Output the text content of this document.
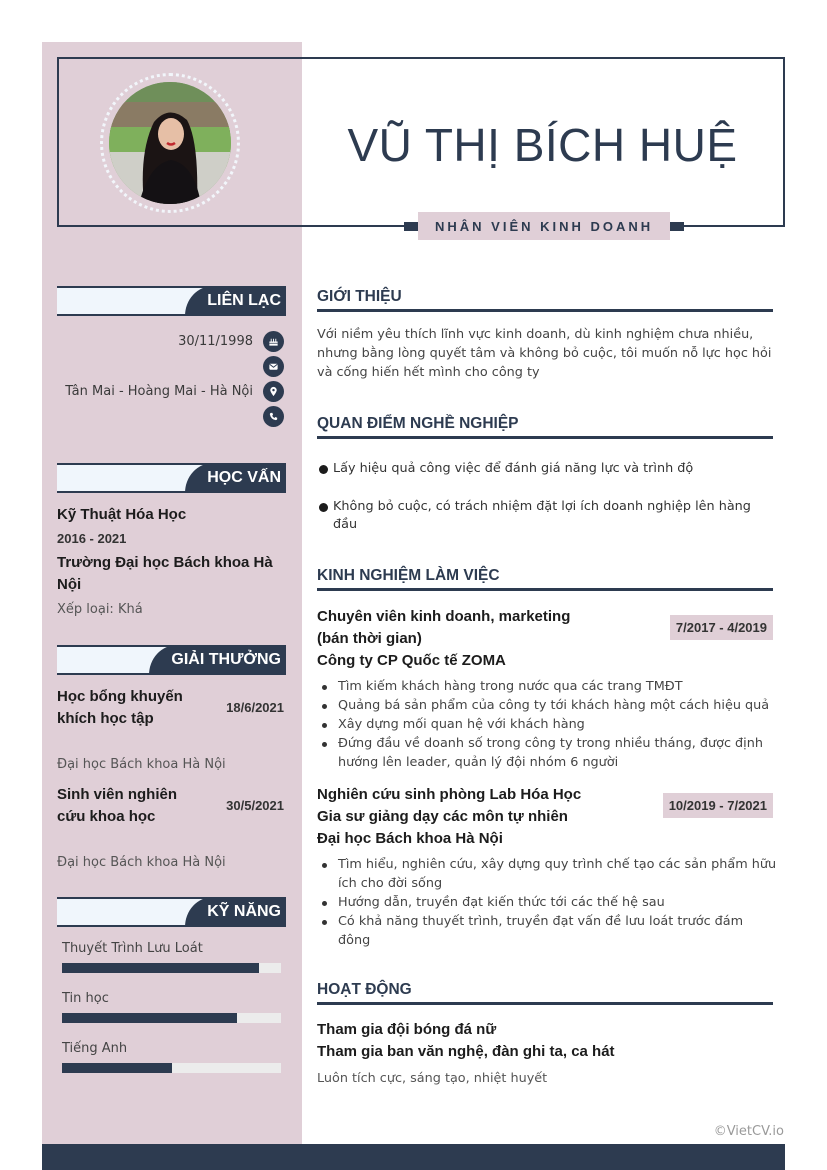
©VietCV.io
VŨ THỊ BÍCH HUỆ
NHÂN VIÊN KINH DOANH
LIÊN LẠC
30/11/1998
Tân Mai - Hoàng Mai - Hà Nội
HỌC VẤN
Kỹ Thuật Hóa Học
2016 - 2021
Trường Đại học Bách khoa Hà Nội
Xếp loại: Khá
GIẢI THƯỞNG
Học bổng khuyến khích học tập
18/6/2021
Đại học Bách khoa Hà Nội
Sinh viên nghiên cứu khoa học
30/5/2021
Đại học Bách khoa Hà Nội
KỸ NĂNG
Thuyết Trình Lưu Loát
Tin học
Tiếng Anh
GIỚI THIỆU
Với niềm yêu thích lĩnh vực kinh doanh, dù kinh nghiệm chưa nhiều, nhưng bằng lòng quyết tâm và không bỏ cuộc, tôi muốn nỗ lực học hỏi và cống hiến hết mình cho công ty
QUAN ĐIỂM NGHỀ NGHIỆP
Lấy hiệu quả công việc để đánh giá năng lực và trình độ
Không bỏ cuộc, có trách nhiệm đặt lợi ích doanh nghiệp lên hàng đầu
KINH NGHIỆM LÀM VIỆC
Chuyên viên kinh doanh, marketing
(bán thời gian)
Công ty CP Quốc tế ZOMA
7/2017 - 4/2019
Tìm kiếm khách hàng trong nước qua các trang TMĐT
Quảng bá sản phẩm của công ty tới khách hàng một cách hiệu quả
Xây dựng mối quan hệ với khách hàng
Đứng đầu về doanh số trong công ty trong nhiều tháng, được định hướng lên leader, quản lý đội nhóm 6 người
Nghiên cứu sinh phòng Lab Hóa Học
Gia sư giảng dạy các môn tự nhiên
Đại học Bách khoa Hà Nội
10/2019 - 7/2021
Tìm hiểu, nghiên cứu, xây dựng quy trình chế tạo các sản phẩm hữu ích cho đời sống
Hướng dẫn, truyền đạt kiến thức tới các thế hệ sau
Có khả năng thuyết trình, truyền đạt vấn đề lưu loát trước đám đông
HOẠT ĐỘNG
Tham gia đội bóng đá nữ
Tham gia ban văn nghệ, đàn ghi ta, ca hát
Luôn tích cực, sáng tạo, nhiệt huyết
